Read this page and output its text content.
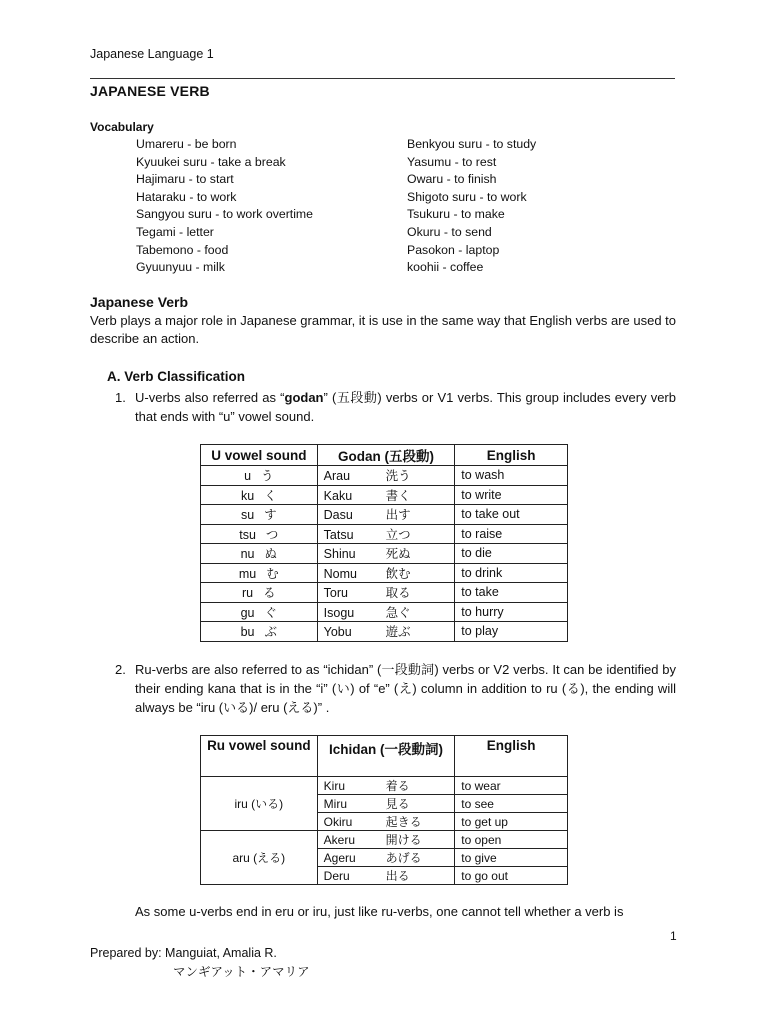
Japanese Language 1
JAPANESE VERB
Vocabulary
Umareru - be born
Kyuukei suru - take a break
Hajimaru - to start
Hataraku - to work
Sangyou suru - to work overtime
Tegami - letter
Tabemono - food
Gyuunyuu - milk
Benkyou suru - to study
Yasumu - to rest
Owaru - to finish
Shigoto suru - to work
Tsukuru - to make
Okuru - to send
Pasokon - laptop
koohii - coffee
Japanese Verb

Verb plays a major role in Japanese grammar, it is use in the same way that English verbs are used to describe an action.

A. Verb Classification
1. U-verbs also referred as “godan” (五段動) verbs or V1 verbs. This group includes every verb that ends with “u” vowel sound.

U vowel sound	Godan (五段動)	English
u う	Arau 洗う	to wash
ku く	Kaku 書く	to write
su す	Dasu 出す	to take out
tsu つ	Tatsu 立つ	to raise
nu ぬ	Shinu 死ぬ	to die
mu む	Nomu 飲む	to drink
ru る	Toru 取る	to take
gu ぐ	Isogu 急ぐ	to hurry
bu ぶ	Yobu 遊ぶ	to play
2. Ru-verbs are also referred to as “ichidan” (一段動詞) verbs or V2 verbs. It can be identified by their ending kana that is in the “i” (い) of “e” (え) column in addition to ru (る), the ending will always be “iru (いる)/ eru (える)” .

Ru vowel sound	Ichidan (一段動詞)	English
iru (いる)	Kiru 着る	to wear
	Miru 見る	to see
	Okiru 起きる	to get up
aru (える)	Akeru 開ける	to open
	Ageru あげる	to give
	Deru 出る	to go out

As some u-verbs end in eru or iru, just like ru-verbs, one cannot tell whether a verb is

1
Prepared by: Manguiat, Amalia R.
マンギアット・アマリア
